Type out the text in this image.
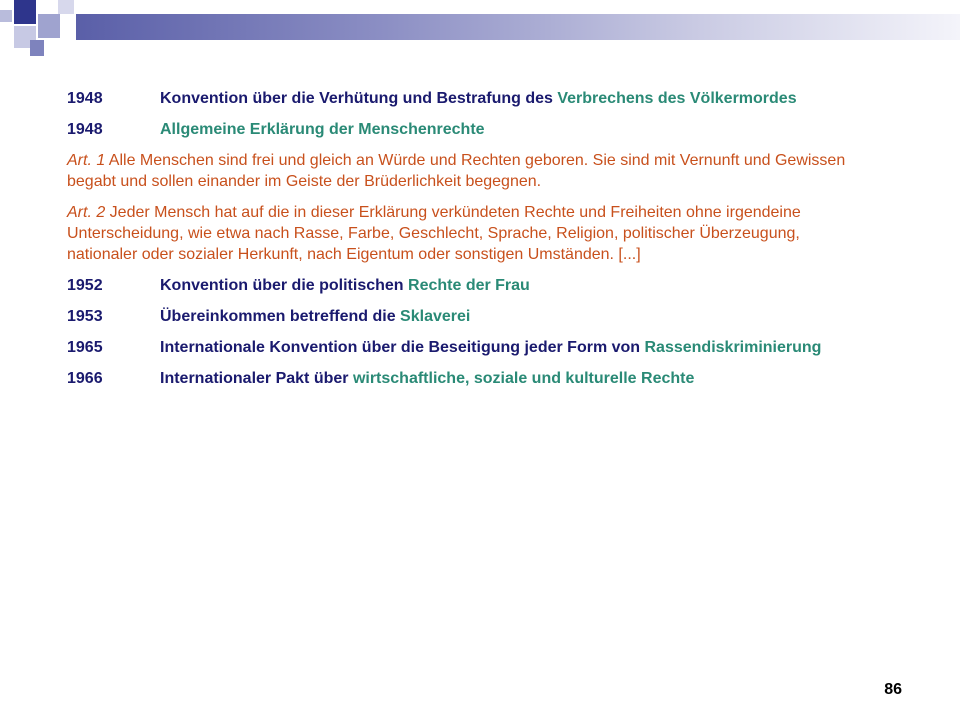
1948	Konvention über die Verhütung und Bestrafung des Verbrechens des Völkermordes
1948	Allgemeine Erklärung der Menschenrechte
Art. 1 Alle Menschen sind frei und gleich an Würde und Rechten geboren. Sie sind mit Vernunft und Gewissen begabt und sollen einander im Geiste der Brüderlichkeit begegnen.
Art. 2 Jeder Mensch hat auf die in dieser Erklärung verkündeten Rechte und Freiheiten ohne irgendeine Unterscheidung, wie etwa nach Rasse, Farbe, Geschlecht, Sprache, Religion, politischer Überzeugung, nationaler oder sozialer Herkunft, nach Eigentum oder sonstigen Umständen. [...]
1952	Konvention über die politischen Rechte der Frau
1953	Übereinkommen betreffend die Sklaverei
1965	Internationale Konvention über die Beseitigung jeder Form von Rassendiskriminierung
1966	Internationaler Pakt über wirtschaftliche, soziale und kulturelle Rechte
86
